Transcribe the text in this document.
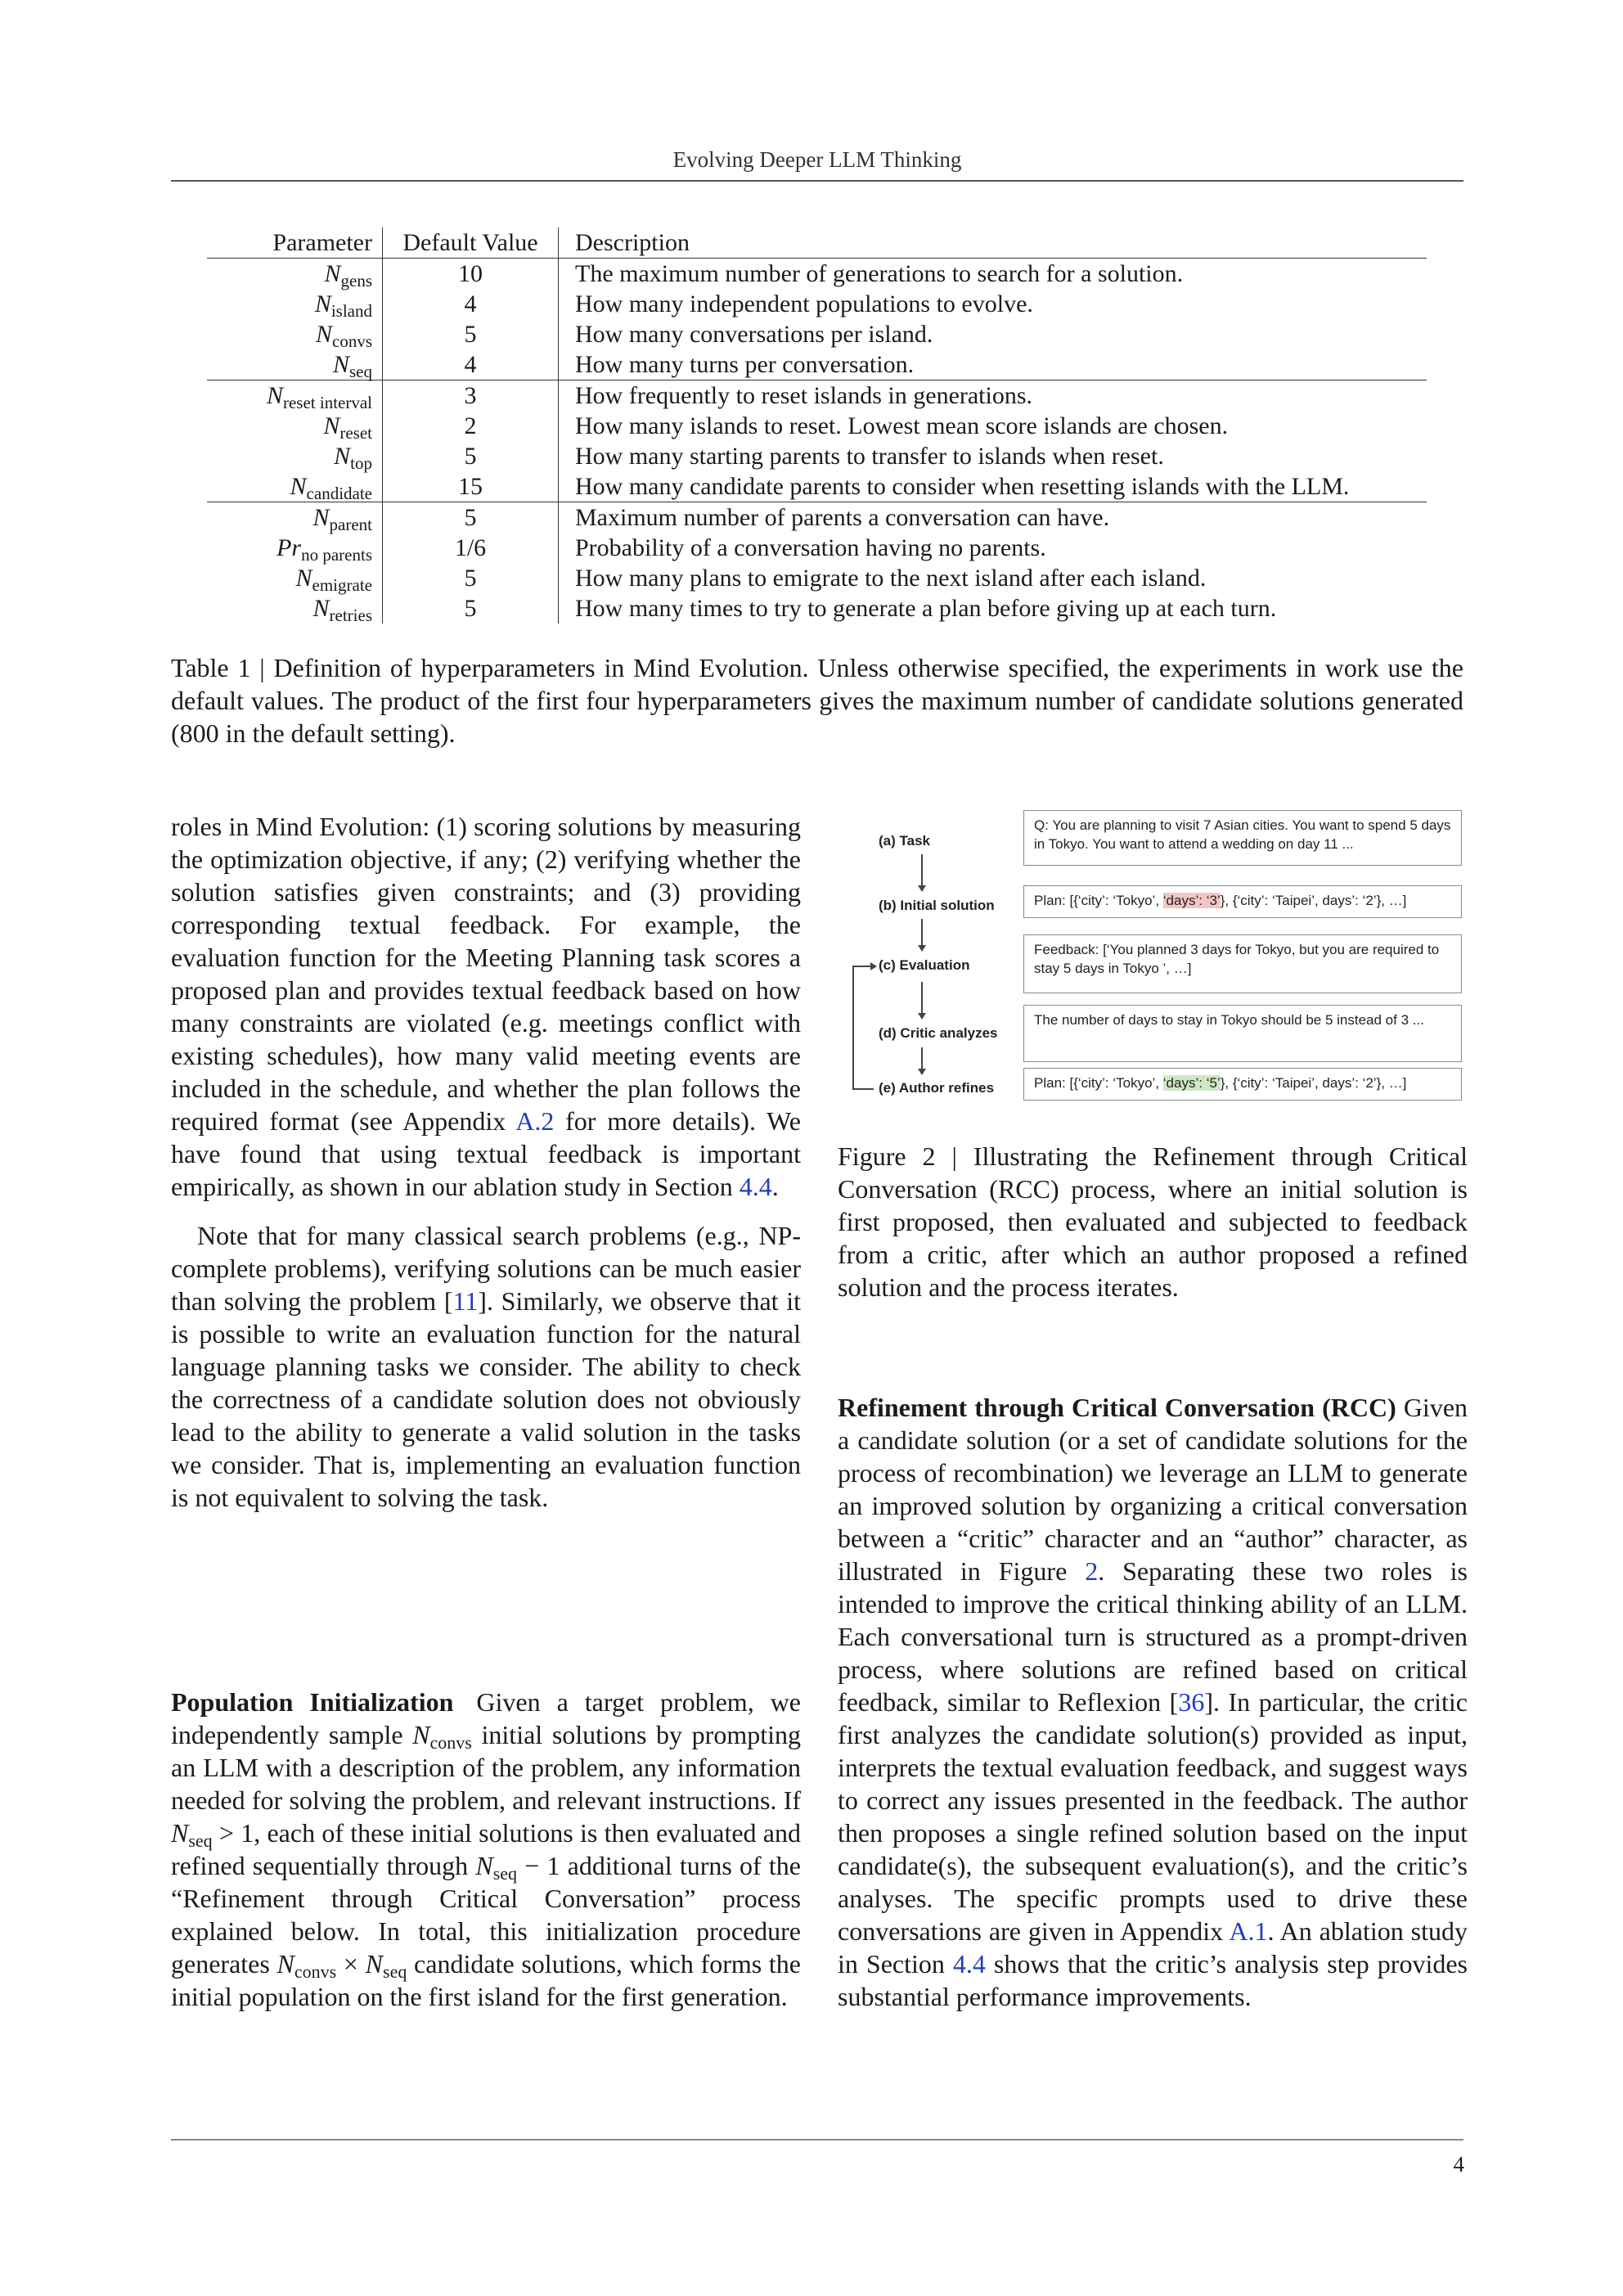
Evolving Deeper LLM Thinking
Parameter	Default Value	Description
$N_{gens}$	10	The maximum number of generations to search for a solution.
$N_{island}$	4	How many independent populations to evolve.
$N_{convs}$	5	How many conversations per island.
$N_{seq}$	4	How many turns per conversation.
$N_{reset interval}$	3	How frequently to reset islands in generations.
$N_{reset}$	2	How many islands to reset. Lowest mean score islands are chosen.
$N_{top}$	5	How many starting parents to transfer to islands when reset.
$N_{candidate}$	15	How many candidate parents to consider when resetting islands with the LLM.
$N_{parent}$	5	Maximum number of parents a conversation can have.
$Pr_{no parents}$	1/6	Probability of a conversation having no parents.
$N_{emigrate}$	5	How many plans to emigrate to the next island after each island.
$N_{retries}$	5	How many times to try to generate a plan before giving up at each turn.
Table 1 | Definition of hyperparameters in Mind Evolution. Unless otherwise specified, the experiments in work use the default values. The product of the first four hyperparameters gives the maximum number of candidate solutions generated (800 in the default setting).

roles in Mind Evolution: (1) scoring solutions by measuring the optimization objective, if any; (2) verifying whether the solution satisfies given constraints; and (3) providing corresponding textual feedback. For example, the evaluation function for the Meeting Planning task scores a proposed plan and provides textual feedback based on how many constraints are violated (e.g. meetings conflict with existing schedules), how many valid meeting events are included in the schedule, and whether the plan follows the required format (see Appendix A.2 for more details). We have found that using textual feedback is important empirically, as shown in our ablation study in Section 4.4.

Note that for many classical search problems (e.g., NP-complete problems), verifying solutions can be much easier than solving the problem [11]. Similarly, we observe that it is possible to write an evaluation function for the natural language planning tasks we consider. The ability to check the correctness of a candidate solution does not obviously lead to the ability to generate a valid solution in the tasks we consider. That is, implementing an evaluation function is not equivalent to solving the task.

Population Initialization Given a target problem, we independently sample $N_{convs}$ initial solutions by prompting an LLM with a description of the problem, any information needed for solving the problem, and relevant instructions. If $N_{seq} > 1$, each of these initial solutions is then evaluated and refined sequentially through $N_{seq} - 1$ additional turns of the “Refinement through Critical Conversation” process explained below. In total, this initialization procedure generates $N_{convs} \times N_{seq}$ candidate solutions, which forms the initial population on the first island for the first generation.

(a) Task
(b) Initial solution
(c) Evaluation
(d) Critic analyzes
(e) Author refines
Q: You are planning to visit 7 Asian cities. You want to spend 5 days in Tokyo. You want to attend a wedding on day 11 ...
Plan: [{‘city’: ‘Tokyo’, ‘days’: ‘3’}, {‘city’: ‘Taipei’, days’: ‘2’}, …]
Feedback: [‘You planned 3 days for Tokyo, but you are required to stay 5 days in Tokyo ’, …]
The number of days to stay in Tokyo should be 5 instead of 3 ...
Plan: [{‘city’: ‘Tokyo’, ‘days’: ‘5’}, {‘city’: ‘Taipei’, days’: ‘2’}, …]
Figure 2 | Illustrating the Refinement through Critical Conversation (RCC) process, where an initial solution is first proposed, then evaluated and subjected to feedback from a critic, after which an author proposed a refined solution and the process iterates.

Refinement through Critical Conversation (RCC) Given a candidate solution (or a set of candidate solutions for the process of recombination) we leverage an LLM to generate an improved solution by organizing a critical conversation between a “critic” character and an “author” character, as illustrated in Figure 2. Separating these two roles is intended to improve the critical thinking ability of an LLM. Each conversational turn is structured as a prompt-driven process, where solutions are refined based on critical feedback, similar to Reflexion [36]. In particular, the critic first analyzes the candidate solution(s) provided as input, interprets the textual evaluation feedback, and suggest ways to correct any issues presented in the feedback. The author then proposes a single refined solution based on the input candidate(s), the subsequent evaluation(s), and the critic’s analyses. The specific prompts used to drive these conversations are given in Appendix A.1. An ablation study in Section 4.4 shows that the critic’s analysis step provides substantial performance improvements.

4
